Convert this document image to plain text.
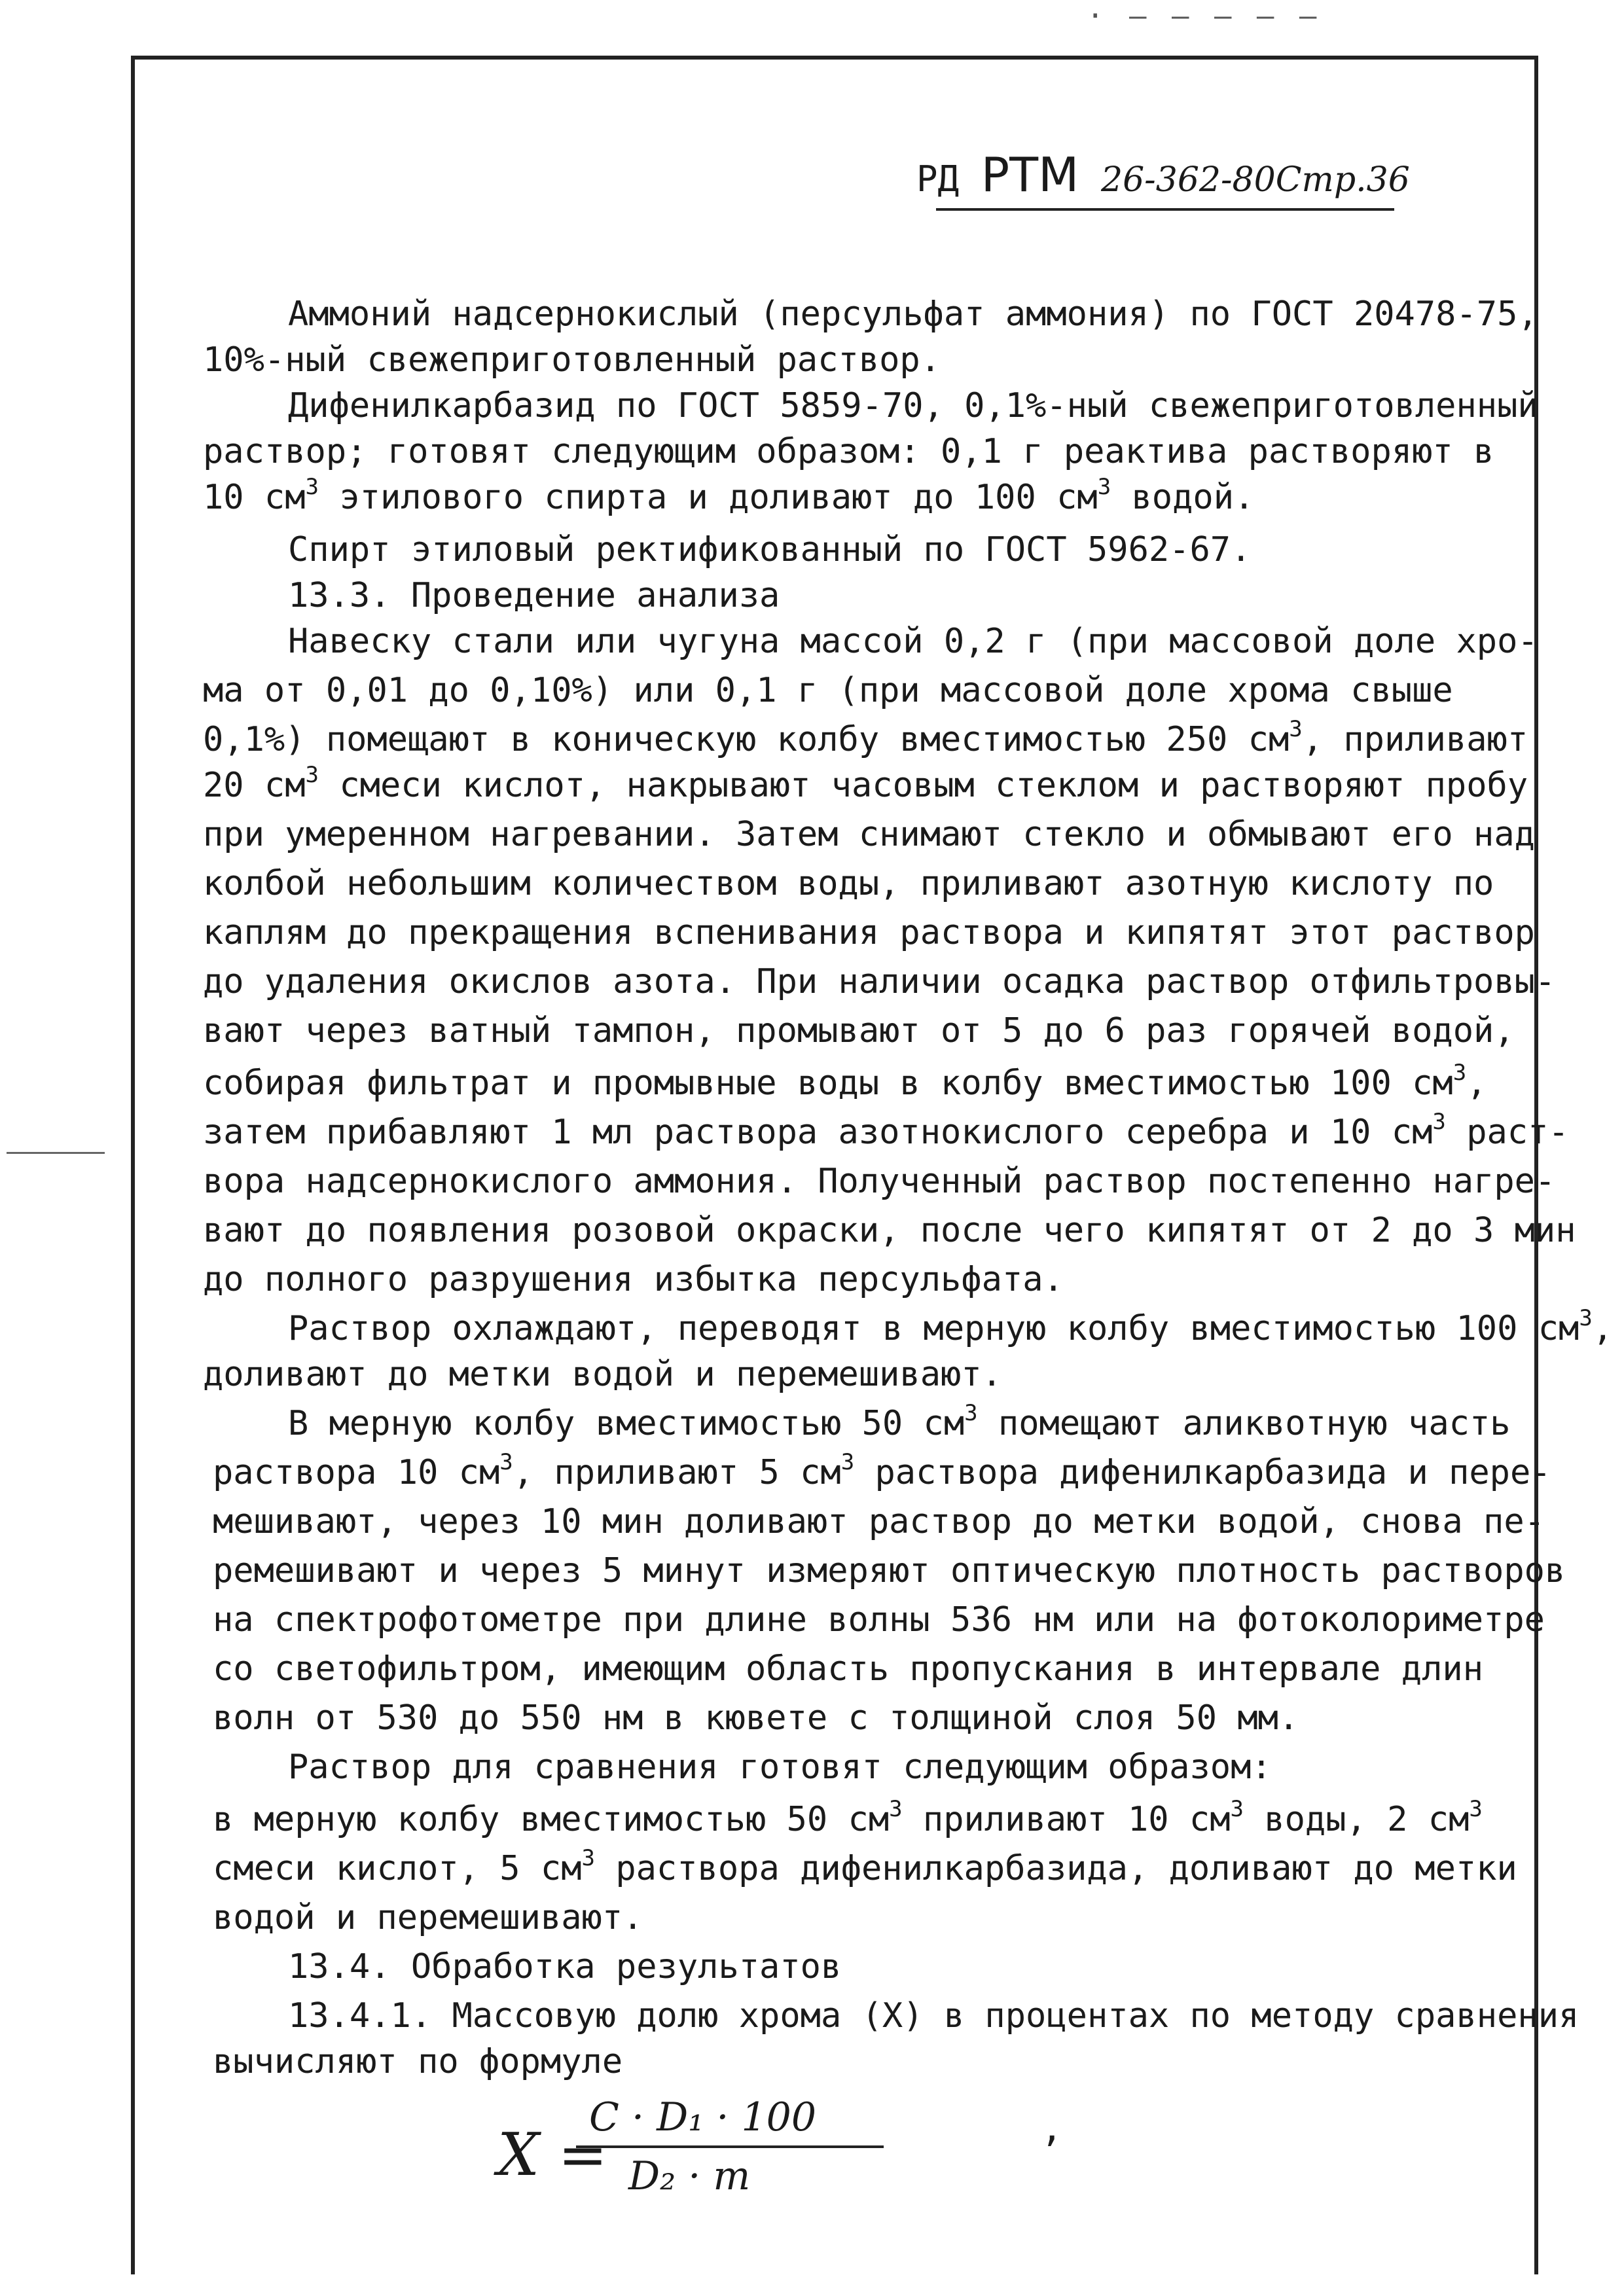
· ‒ ‒ ‒ ‒ ‒
РД РТМ 26-362-80Стр.36
Аммоний надсернокислый (персульфат аммония) по ГОСТ 20478-75,
10%-ный свежеприготовленный раствор.
Дифенилкарбазид по ГОСТ 5859-70, 0,1%-ный свежеприготовленный
раствор; готовят следующим образом: 0,1 г реактива растворяют в
10 $см^3$ этилового спирта и доливают до 100 $см^3$ водой.
Спирт этиловый ректификованный по ГОСТ 5962-67.
13.3. Проведение анализа
Навеску стали или чугуна массой 0,2 г (при массовой доле хро-
ма от 0,01 до 0,10%) или 0,1 г (при массовой доле хрома свыше
0,1%) помещают в коническую колбу вместимостью 250 $см^3$, приливают
20 $см^3$ смеси кислот, накрывают часовым стеклом и растворяют пробу
при умеренном нагревании. Затем снимают стекло и обмывают его над
колбой небольшим количеством воды, приливают азотную кислоту по
каплям до прекращения вспенивания раствора и кипятят этот раствор
до удаления окислов азота. При наличии осадка раствор отфильтровы-
вают через ватный тампон, промывают от 5 до 6 раз горячей водой,
собирая фильтрат и промывные воды в колбу вместимостью 100 $см^3$,
затем прибавляют 1 мл раствора азотнокислого серебра и 10 $см^3$ раст-
вора надсернокислого аммония. Полученный раствор постепенно нагре-
вают до появления розовой окраски, после чего кипятят от 2 до 3 мин
до полного разрушения избытка персульфата.
Раствор охлаждают, переводят в мерную колбу вместимостью 100 $см^3$,
доливают до метки водой и перемешивают.
В мерную колбу вместимостью 50 $см^3$ помещают аликвотную часть
раствора 10 $см^3$, приливают 5 $см^3$ раствора дифенилкарбазида и пере-
мешивают, через 10 мин доливают раствор до метки водой, снова пе-
ремешивают и через 5 минут измеряют оптическую плотность растворов
на спектрофотометре при длине волны 536 нм или на фотоколориметре
со светофильтром, имеющим область пропускания в интервале длин
волн от 530 до 550 нм в кювете с толщиной слоя 50 мм.
Раствор для сравнения готовят следующим образом:
в мерную колбу вместимостью 50 $см^3$ приливают 10 $см^3$ воды, 2 $см^3$
смеси кислот, 5 $см^3$ раствора дифенилкарбазида, доливают до метки
водой и перемешивают.
13.4. Обработка результатов
13.4.1. Массовую долю хрома (X) в процентах по методу сравнения
вычисляют по формуле
X =
C · D₁ · 100
D₂ · m
,
